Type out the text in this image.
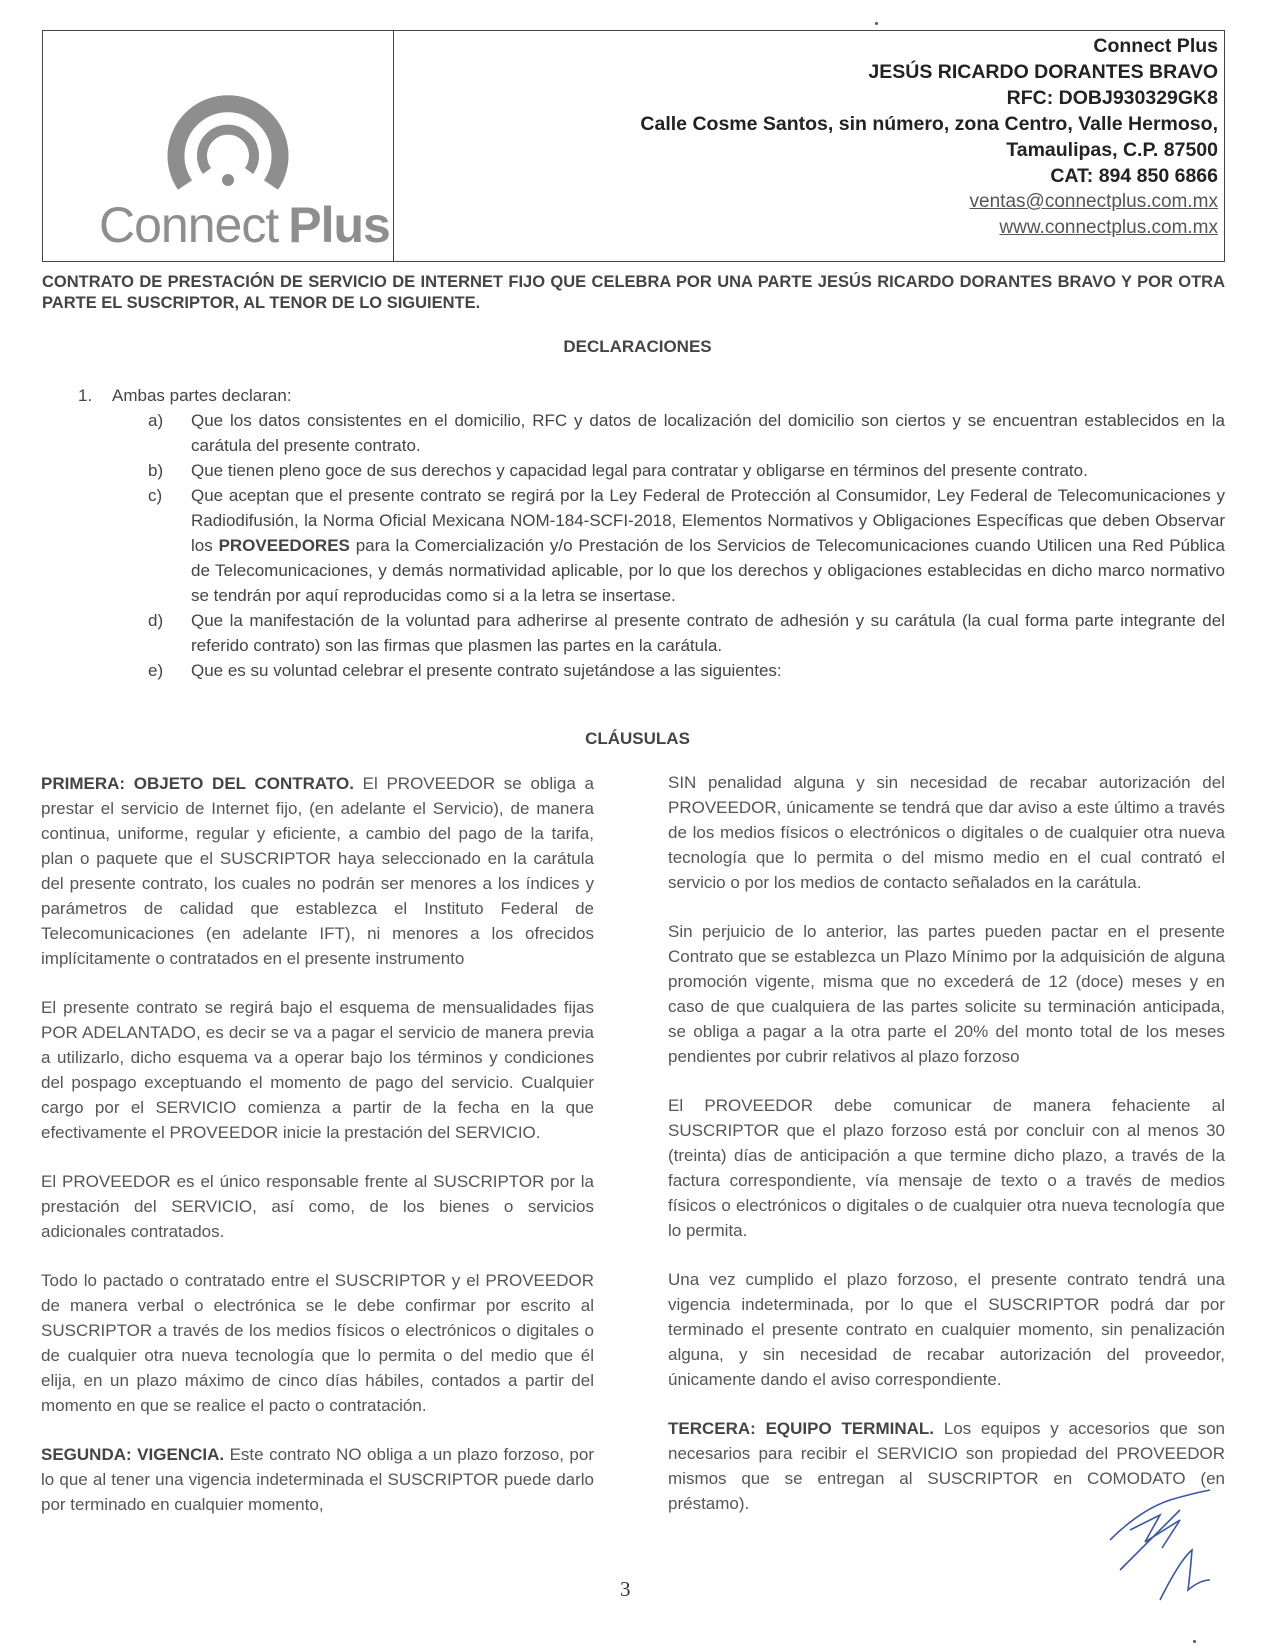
Connect Plus
Connect Plus
JESÚS RICARDO DORANTES BRAVO
RFC: DOBJ930329GK8
Calle Cosme Santos, sin número, zona Centro, Valle Hermoso,
Tamaulipas, C.P. 87500
CAT: 894 850 6866
ventas@connectplus.com.mx
www.connectplus.com.mx
CONTRATO DE PRESTACIÓN DE SERVICIO DE INTERNET FIJO QUE CELEBRA POR UNA PARTE JESÚS RICARDO DORANTES BRAVO Y POR OTRA PARTE EL SUSCRIPTOR, AL TENOR DE LO SIGUIENTE.
DECLARACIONES
1.	Ambas partes declaran:
a)	Que los datos consistentes en el domicilio, RFC y datos de localización del domicilio son ciertos y se encuentran establecidos en la carátula del presente contrato.
b)	Que tienen pleno goce de sus derechos y capacidad legal para contratar y obligarse en términos del presente contrato.
c)	Que aceptan que el presente contrato se regirá por la Ley Federal de Protección al Consumidor, Ley Federal de Telecomunicaciones y Radiodifusión, la Norma Oficial Mexicana NOM-184-SCFI-2018, Elementos Normativos y Obligaciones Específicas que deben Observar los PROVEEDORES para la Comercialización y/o Prestación de los Servicios de Telecomunicaciones cuando Utilicen una Red Pública de Telecomunicaciones, y demás normatividad aplicable, por lo que los derechos y obligaciones establecidas en dicho marco normativo se tendrán por aquí reproducidas como si a la letra se insertase.
d)	Que la manifestación de la voluntad para adherirse al presente contrato de adhesión y su carátula (la cual forma parte integrante del referido contrato) son las firmas que plasmen las partes en la carátula.
e)	Que es su voluntad celebrar el presente contrato sujetándose a las siguientes:
CLÁUSULAS

PRIMERA: OBJETO DEL CONTRATO. El PROVEEDOR se obliga a prestar el servicio de Internet fijo, (en adelante el Servicio), de manera continua, uniforme, regular y eficiente, a cambio del pago de la tarifa, plan o paquete que el SUSCRIPTOR haya seleccionado en la carátula del presente contrato, los cuales no podrán ser menores a los índices y parámetros de calidad que establezca el Instituto Federal de Telecomunicaciones (en adelante IFT), ni menores a los ofrecidos implícitamente o contratados en el presente instrumento

El presente contrato se regirá bajo el esquema de mensualidades fijas POR ADELANTADO, es decir se va a pagar el servicio de manera previa a utilizarlo, dicho esquema va a operar bajo los términos y condiciones del pospago exceptuando el momento de pago del servicio. Cualquier cargo por el SERVICIO comienza a partir de la fecha en la que efectivamente el PROVEEDOR inicie la prestación del SERVICIO.

El PROVEEDOR es el único responsable frente al SUSCRIPTOR por la prestación del SERVICIO, así como, de los bienes o servicios adicionales contratados.

Todo lo pactado o contratado entre el SUSCRIPTOR y el PROVEEDOR de manera verbal o electrónica se le debe confirmar por escrito al SUSCRIPTOR a través de los medios físicos o electrónicos o digitales o de cualquier otra nueva tecnología que lo permita o del medio que él elija, en un plazo máximo de cinco días hábiles, contados a partir del momento en que se realice el pacto o contratación.

SEGUNDA: VIGENCIA. Este contrato NO obliga a un plazo forzoso, por lo que al tener una vigencia indeterminada el SUSCRIPTOR puede darlo por terminado en cualquier momento,

SIN penalidad alguna y sin necesidad de recabar autorización del PROVEEDOR, únicamente se tendrá que dar aviso a este último a través de los medios físicos o electrónicos o digitales o de cualquier otra nueva tecnología que lo permita o del mismo medio en el cual contrató el servicio o por los medios de contacto señalados en la carátula.

Sin perjuicio de lo anterior, las partes pueden pactar en el presente Contrato que se establezca un Plazo Mínimo por la adquisición de alguna promoción vigente, misma que no excederá de 12 (doce) meses y en caso de que cualquiera de las partes solicite su terminación anticipada, se obliga a pagar a la otra parte el 20% del monto total de los meses pendientes por cubrir relativos al plazo forzoso

El PROVEEDOR debe comunicar de manera fehaciente al SUSCRIPTOR que el plazo forzoso está por concluir con al menos 30 (treinta) días de anticipación a que termine dicho plazo, a través de la factura correspondiente, vía mensaje de texto o a través de medios físicos o electrónicos o digitales o de cualquier otra nueva tecnología que lo permita.

Una vez cumplido el plazo forzoso, el presente contrato tendrá una vigencia indeterminada, por lo que el SUSCRIPTOR podrá dar por terminado el presente contrato en cualquier momento, sin penalización alguna, y sin necesidad de recabar autorización del proveedor, únicamente dando el aviso correspondiente.

TERCERA: EQUIPO TERMINAL. Los equipos y accesorios que son necesarios para recibir el SERVICIO son propiedad del PROVEEDOR mismos que se entregan al SUSCRIPTOR en COMODATO (en préstamo).

3
